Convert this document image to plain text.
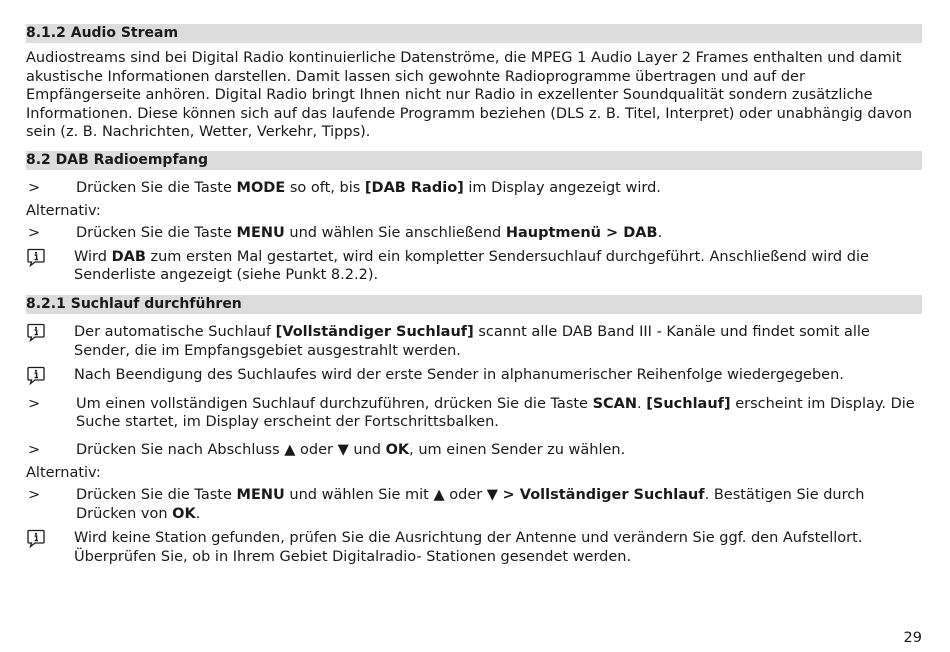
8.1.2 Audio Stream

Audiostreams sind bei Digital Radio kontinuierliche Datenströme, die MPEG 1 Audio Layer 2 Frames enthalten und damit akustische Informationen darstellen. Damit lassen sich gewohnte Radioprogramme übertragen und auf der Empfängerseite anhören. Digital Radio bringt Ihnen nicht nur Radio in exzellenter Soundqualität sondern zusätzliche Informationen. Diese können sich auf das laufende Programm beziehen (DLS z. B. Titel, Interpret) oder unabhängig davon sein (z. B. Nachrichten, Wetter, Verkehr, Tipps).

8.2 DAB Radioempfang
>	Drücken Sie die Taste MODE so oft, bis [DAB Radio] im Display angezeigt wird.
Alternativ:
>	Drücken Sie die Taste MENU und wählen Sie anschließend Hauptmenü > DAB.
Wird DAB zum ersten Mal gestartet, wird ein kompletter Sendersuchlauf durchgeführt. Anschließend wird die Senderliste angezeigt (siehe Punkt 8.2.2).
8.2.1 Suchlauf durchführen
Der automatische Suchlauf [Vollständiger Suchlauf] scannt alle DAB Band III - Kanäle und findet somit alle Sender, die im Empfangsgebiet ausgestrahlt werden.
Nach Beendigung des Suchlaufes wird der erste Sender in alphanumerischer Reihenfolge wiedergegeben.
>	Um einen vollständigen Suchlauf durchzuführen, drücken Sie die Taste SCAN. [Suchlauf] erscheint im Display. Die Suche startet, im Display erscheint der Fortschrittsbalken.
>	Drücken Sie nach Abschluss ▲ oder ▼ und OK, um einen Sender zu wählen.
Alternativ:
>	Drücken Sie die Taste MENU und wählen Sie mit ▲ oder ▼ > Vollständiger Suchlauf. Bestätigen Sie durch Drücken von OK.
Wird keine Station gefunden, prüfen Sie die Ausrichtung der Antenne und verändern Sie ggf. den Aufstellort. Überprüfen Sie, ob in Ihrem Gebiet Digitalradio- Stationen gesendet werden.
29
